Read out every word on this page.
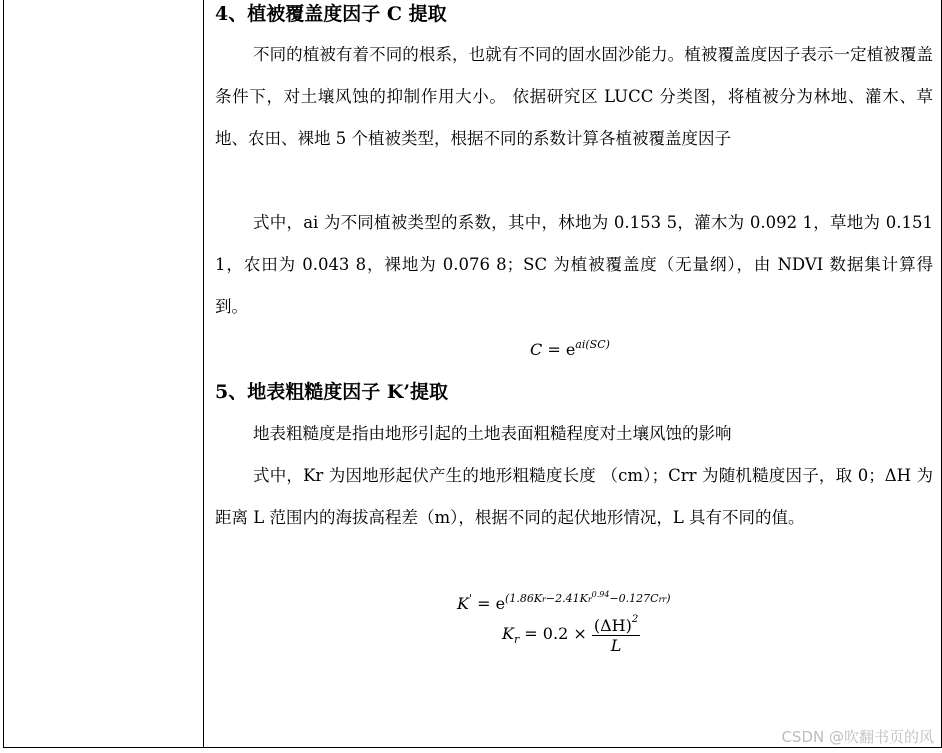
4、植被覆盖度因子 C 提取

不同的植被有着不同的根系，也就有不同的固水固沙能力。植被覆盖度因子表示一定植被覆盖条件下，对土壤风蚀的抑制作用大小。 依据研究区 LUCC 分类图，将植被分为林地、灌木、草地、农田、裸地 5 个植被类型，根据不同的系数计算各植被覆盖度因子

式中，ai 为不同植被类型的系数，其中，林地为 0.153 5，灌木为 0.092 1，草地为 0.151 1，农田为 0.043 8，裸地为 0.076 8；SC 为植被覆盖度（无量纲），由 NDVI 数据集计算得到。

$C = e^{ai(SC)}$
5、地表粗糙度因子 K’提取

地表粗糙度是指由地形引起的土地表面粗糙程度对土壤风蚀的影响

式中，Kr 为因地形起伏产生的地形粗糙度长度 （cm）；Crr 为随机糙度因子，取 0；ΔH 为距离 L 范围内的海拔高程差（m），根据不同的起伏地形情况，L 具有不同的值。

$K' = e^{(1.86Kr-2.41Kr^{0.94}-0.127Crr)}$
$K_r = 0.2 \times \frac{(\Delta H)^2}{L}$
CSDN @吹翻书页的风
